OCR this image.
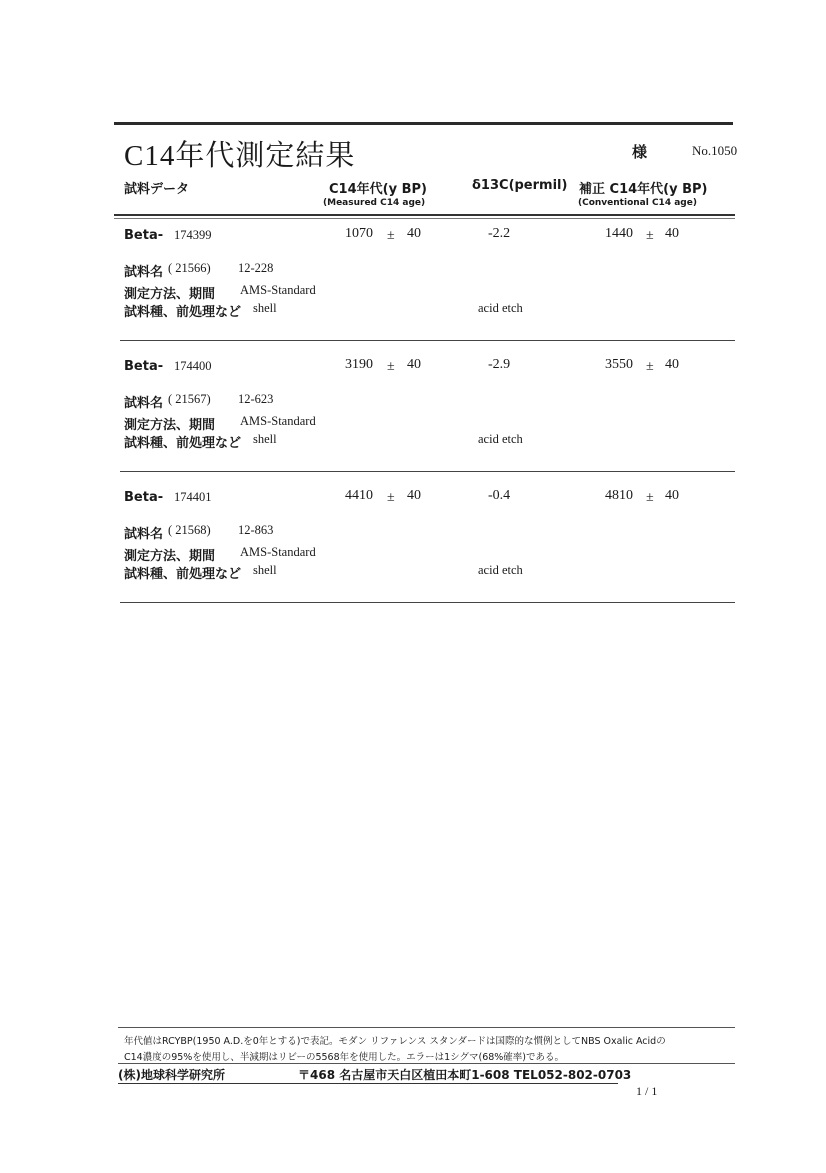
C14年代測定結果	様	No.1050
試料データ	C14年代(y BP)
(Measured C14 age)
δ13C(permil) 補正 C14年代(y BP)
(Conventional C14 age)
Beta- 174399	1070 ± 40	-2.2	1440 ± 40
試料名 ( 21566) 12-228
測定方法、期間 AMS-Standard
試料種、前処理など shell	acid etch
Beta- 174400	3190 ± 40	-2.9	3550 ± 40
試料名 ( 21567) 12-623
測定方法、期間 AMS-Standard
試料種、前処理など shell	acid etch
Beta- 174401	4410 ± 40	-0.4	4810 ± 40
試料名 ( 21568) 12-863
測定方法、期間 AMS-Standard
試料種、前処理など shell	acid etch
年代値はRCYBP(1950 A.D.を0年とする)で表記。モダン リファレンス スタンダードは国際的な慣例としてNBS Oxalic Acidの
C14濃度の95%を使用し、半減期はリビーの5568年を使用した。エラーは1シグマ(68%確率)である。
(株)地球科学研究所	〒468 名古屋市天白区植田本町1-608 TEL052-802-0703
1 / 1
